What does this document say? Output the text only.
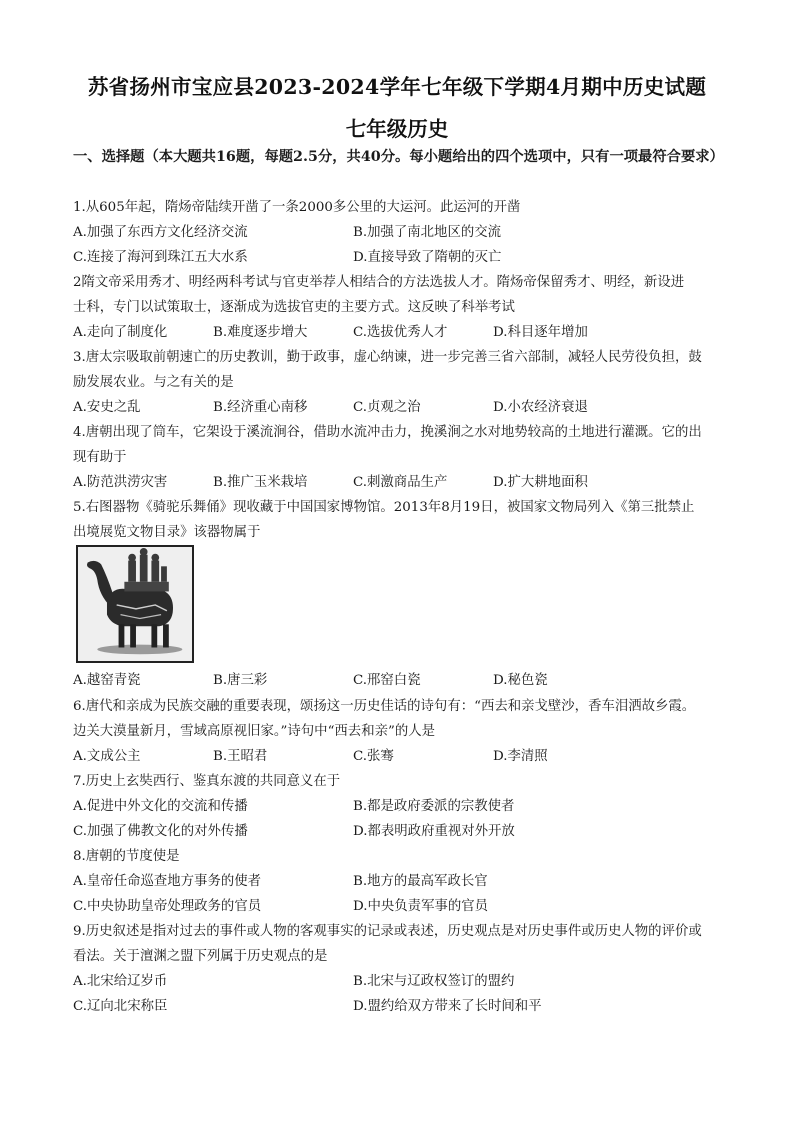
苏省扬州市宝应县2023-2024学年七年级下学期4月期中历史试题
七年级历史
一、选择题（本大题共16题，每题2.5分，共40分。每小题给出的四个选项中，只有一项最符合要求）
1.从605年起，隋炀帝陆续开凿了一条2000多公里的大运河。此运河的开凿
A.加强了东西方文化经济交流	B.加强了南北地区的交流
C.连接了海河到珠江五大水系	D.直接导致了隋朝的灭亡
2隋文帝采用秀才、明经两科考试与官吏举荐人相结合的方法选拔人才。隋炀帝保留秀才、明经，新设进
士科，专门以试策取士，逐渐成为选拔官吏的主要方式。这反映了科举考试
A.走向了制度化	B.难度逐步增大	C.选拔优秀人才	D.科目逐年增加
3.唐太宗吸取前朝速亡的历史教训，勤于政事，虚心纳谏，进一步完善三省六部制，减轻人民劳役负担，鼓
励发展农业。与之有关的是
A.安史之乱	B.经济重心南移	C.贞观之治	D.小农经济衰退
4.唐朝出现了筒车，它架设于溪流涧谷，借助水流冲击力，挽溪涧之水对地势较高的土地进行灌溉。它的出
现有助于
A.防范洪涝灾害	B.推广玉米栽培	C.刺激商品生产	D.扩大耕地面积
5.右图器物《骑驼乐舞俑》现收藏于中国国家博物馆。2013年8月19日，被国家文物局列入《第三批禁止
出境展览文物目录》该器物属于
A.越窑青瓷	B.唐三彩	C.邢窑白瓷	D.秘色瓷
6.唐代和亲成为民族交融的重要表现，颂扬这一历史佳话的诗句有：“西去和亲戈壁沙，香车泪洒故乡霞。
边关大漠量新月，雪域高原视旧家。”诗句中“西去和亲”的人是
A.文成公主	B.王昭君	C.张骞	D.李清照
7.历史上玄奘西行、鉴真东渡的共同意义在于
A.促进中外文化的交流和传播	B.都是政府委派的宗教使者
C.加强了佛教文化的对外传播	D.都表明政府重视对外开放
8.唐朝的节度使是
A.皇帝任命巡查地方事务的使者	B.地方的最高军政长官
C.中央协助皇帝处理政务的官员	D.中央负责军事的官员
9.历史叙述是指对过去的事件或人物的客观事实的记录或表述，历史观点是对历史事件或历史人物的评价或
看法。关于澶渊之盟下列属于历史观点的是
A.北宋给辽岁币	B.北宋与辽政权签订的盟约
C.辽向北宋称臣	D.盟约给双方带来了长时间和平
